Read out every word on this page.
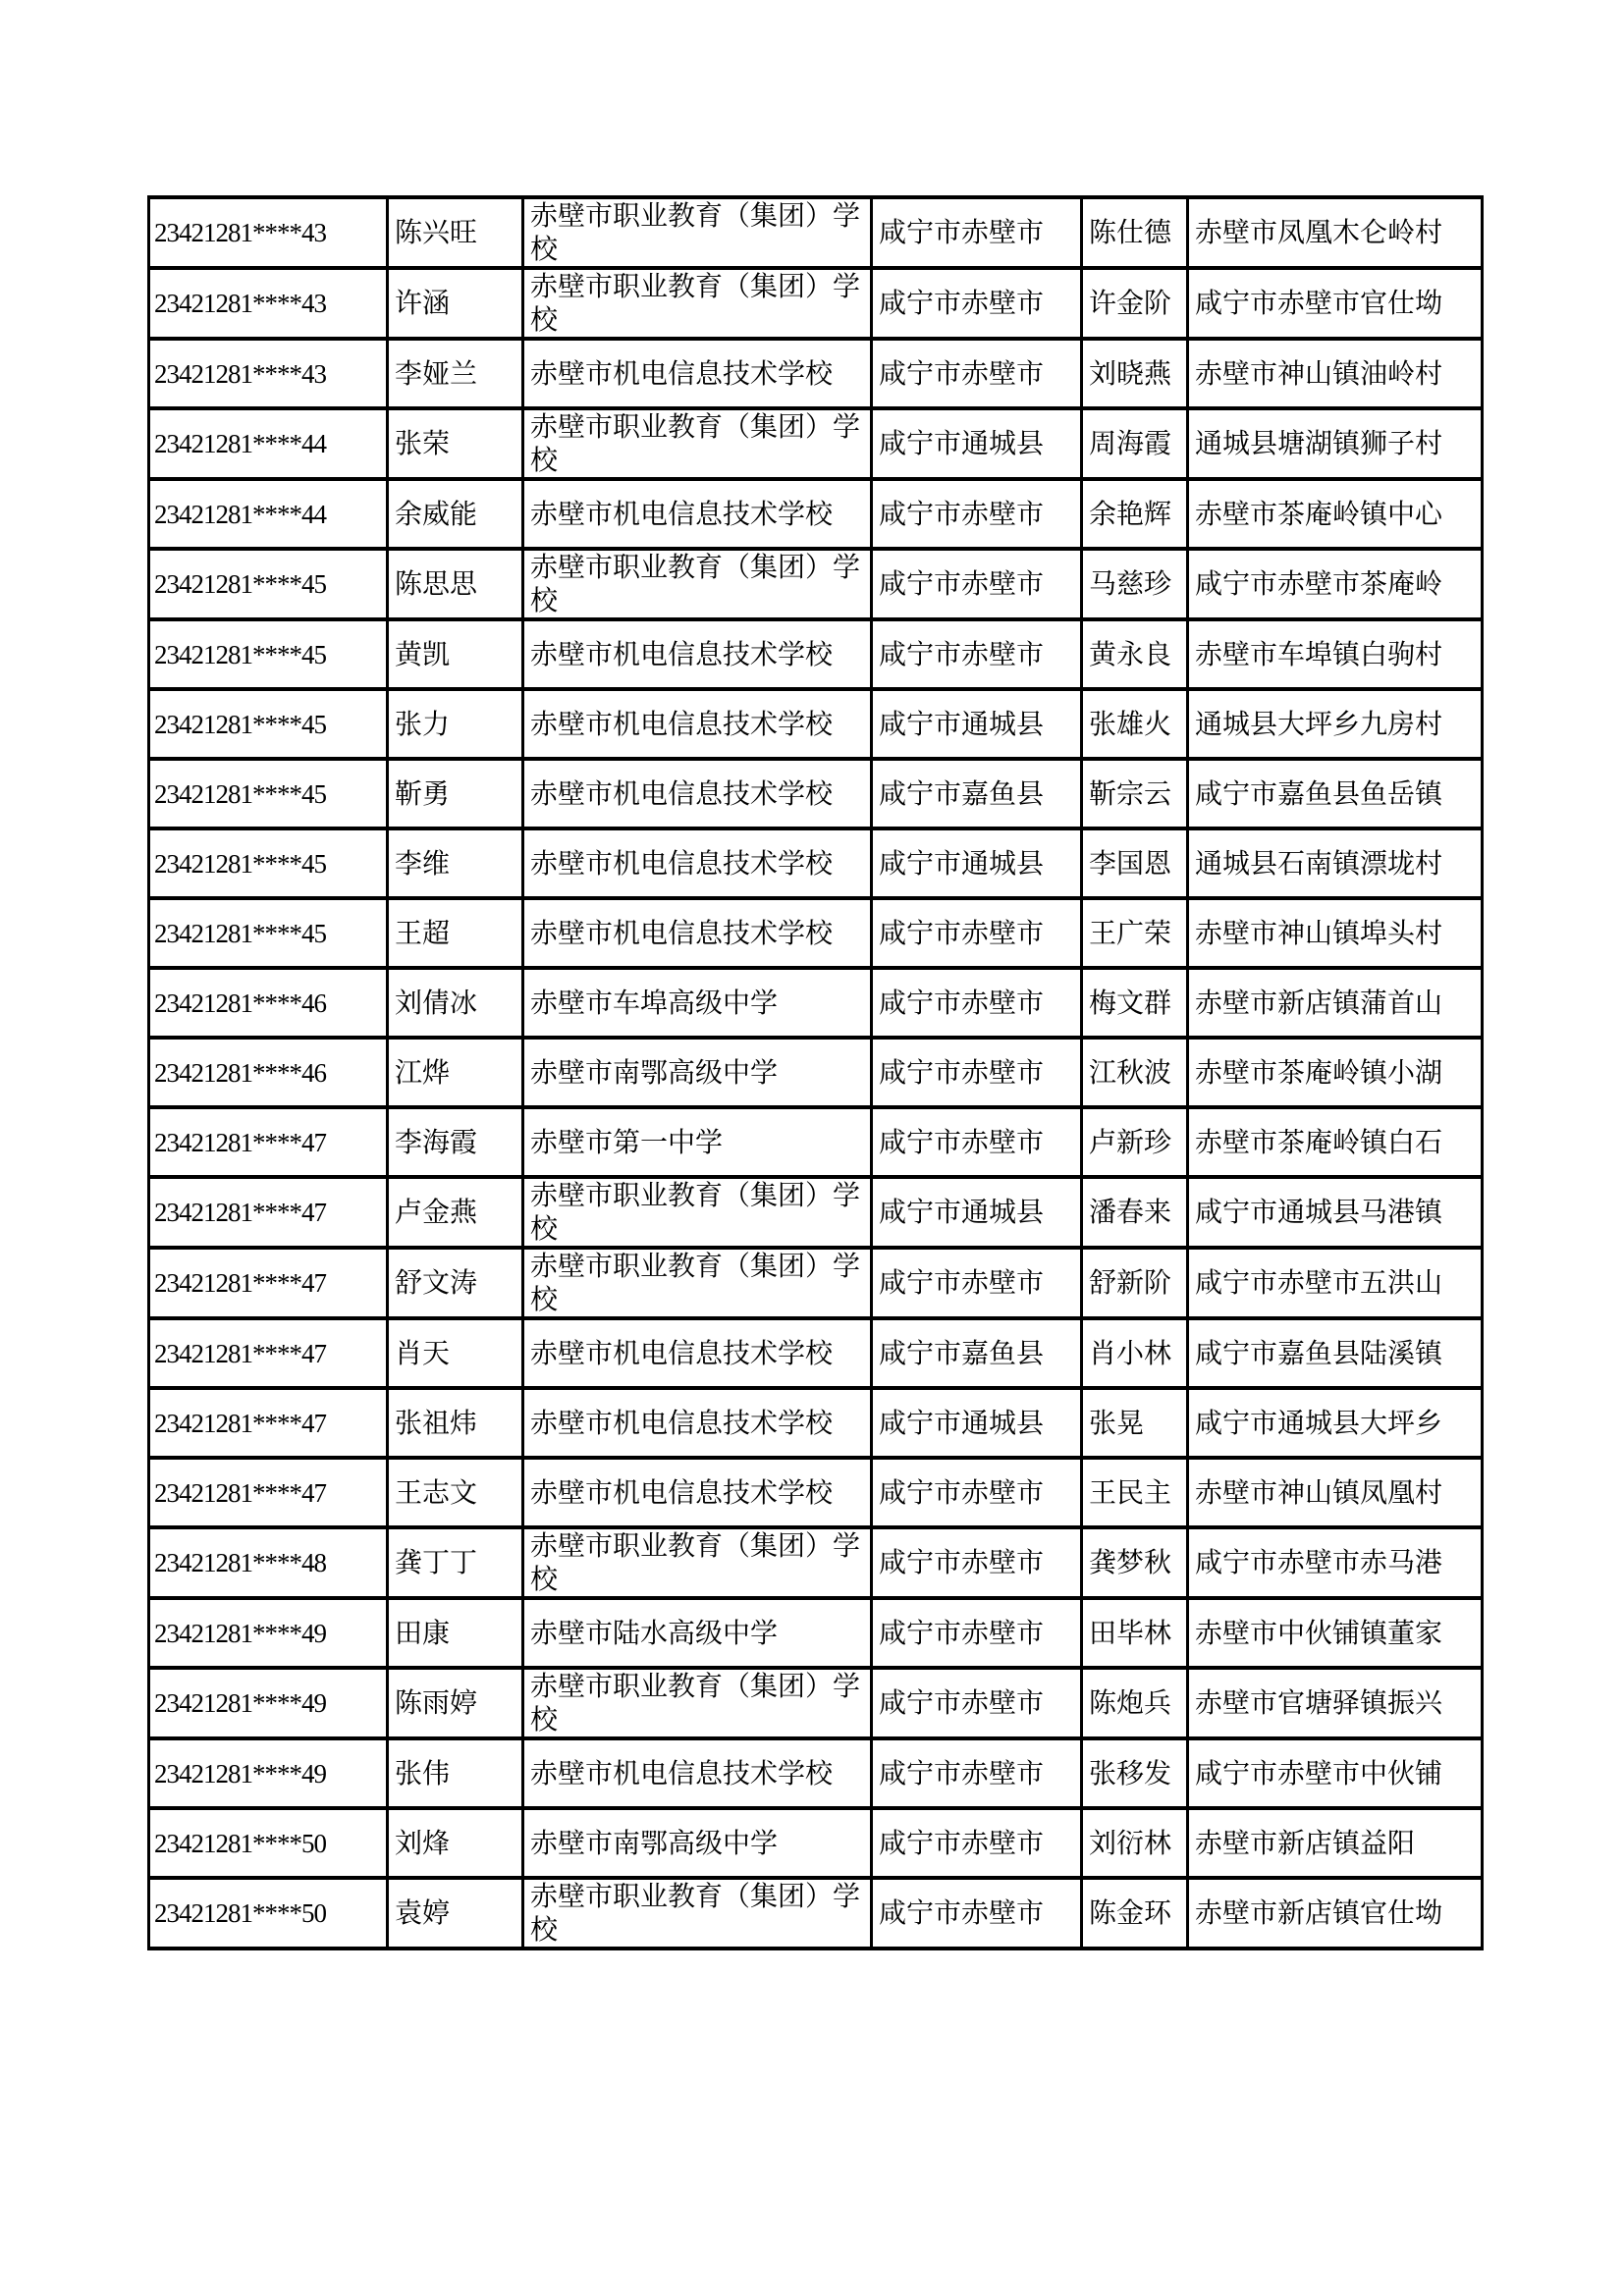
23421281****43	陈兴旺	赤壁市职业教育（集团）学校	咸宁市赤壁市	陈仕德	赤壁市凤凰木仑岭村
23421281****43	许涵	赤壁市职业教育（集团）学校	咸宁市赤壁市	许金阶	咸宁市赤壁市官仕坳
23421281****43	李娅兰	赤壁市机电信息技术学校	咸宁市赤壁市	刘晓燕	赤壁市神山镇油岭村
23421281****44	张荣	赤壁市职业教育（集团）学校	咸宁市通城县	周海霞	通城县塘湖镇狮子村
23421281****44	余威能	赤壁市机电信息技术学校	咸宁市赤壁市	余艳辉	赤壁市茶庵岭镇中心
23421281****45	陈思思	赤壁市职业教育（集团）学校	咸宁市赤壁市	马慈珍	咸宁市赤壁市茶庵岭
23421281****45	黄凯	赤壁市机电信息技术学校	咸宁市赤壁市	黄永良	赤壁市车埠镇白驹村
23421281****45	张力	赤壁市机电信息技术学校	咸宁市通城县	张雄火	通城县大坪乡九房村
23421281****45	靳勇	赤壁市机电信息技术学校	咸宁市嘉鱼县	靳宗云	咸宁市嘉鱼县鱼岳镇
23421281****45	李维	赤壁市机电信息技术学校	咸宁市通城县	李国恩	通城县石南镇漂垅村
23421281****45	王超	赤壁市机电信息技术学校	咸宁市赤壁市	王广荣	赤壁市神山镇埠头村
23421281****46	刘倩冰	赤壁市车埠高级中学	咸宁市赤壁市	梅文群	赤壁市新店镇蒲首山
23421281****46	江烨	赤壁市南鄂高级中学	咸宁市赤壁市	江秋波	赤壁市茶庵岭镇小湖
23421281****47	李海霞	赤壁市第一中学	咸宁市赤壁市	卢新珍	赤壁市茶庵岭镇白石
23421281****47	卢金燕	赤壁市职业教育（集团）学校	咸宁市通城县	潘春来	咸宁市通城县马港镇
23421281****47	舒文涛	赤壁市职业教育（集团）学校	咸宁市赤壁市	舒新阶	咸宁市赤壁市五洪山
23421281****47	肖天	赤壁市机电信息技术学校	咸宁市嘉鱼县	肖小林	咸宁市嘉鱼县陆溪镇
23421281****47	张祖炜	赤壁市机电信息技术学校	咸宁市通城县	张晃	咸宁市通城县大坪乡
23421281****47	王志文	赤壁市机电信息技术学校	咸宁市赤壁市	王民主	赤壁市神山镇凤凰村
23421281****48	龚丁丁	赤壁市职业教育（集团）学校	咸宁市赤壁市	龚梦秋	咸宁市赤壁市赤马港
23421281****49	田康	赤壁市陆水高级中学	咸宁市赤壁市	田毕林	赤壁市中伙铺镇董家
23421281****49	陈雨婷	赤壁市职业教育（集团）学校	咸宁市赤壁市	陈炮兵	赤壁市官塘驿镇振兴
23421281****49	张伟	赤壁市机电信息技术学校	咸宁市赤壁市	张移发	咸宁市赤壁市中伙铺
23421281****50	刘烽	赤壁市南鄂高级中学	咸宁市赤壁市	刘衍林	赤壁市新店镇益阳
23421281****50	袁婷	赤壁市职业教育（集团）学校	咸宁市赤壁市	陈金环	赤壁市新店镇官仕坳
